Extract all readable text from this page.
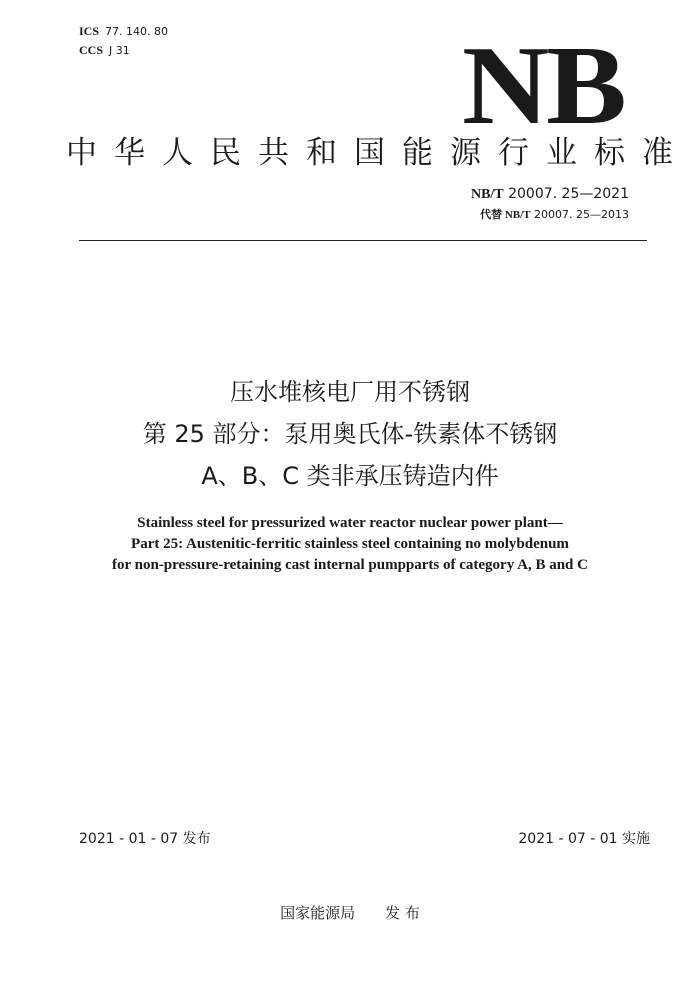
ICS 77. 140. 80
CCS J 31	NB
中华人民共和国能源行业标准
NB/T 20007. 25—2021
代替 NB/T 20007. 25—2013
压水堆核电厂用不锈钢
第 25 部分：泵用奥氏体-铁素体不锈钢
A、B、C 类非承压铸造内件
Stainless steel for pressurized water reactor nuclear power plant—
Part 25: Austenitic-ferritic stainless steel containing no molybdenum
for non-pressure-retaining cast internal pumpparts of category A, B and C
2021 - 01 - 07 发布	2021 - 07 - 01 实施
国家能源局 发 布
